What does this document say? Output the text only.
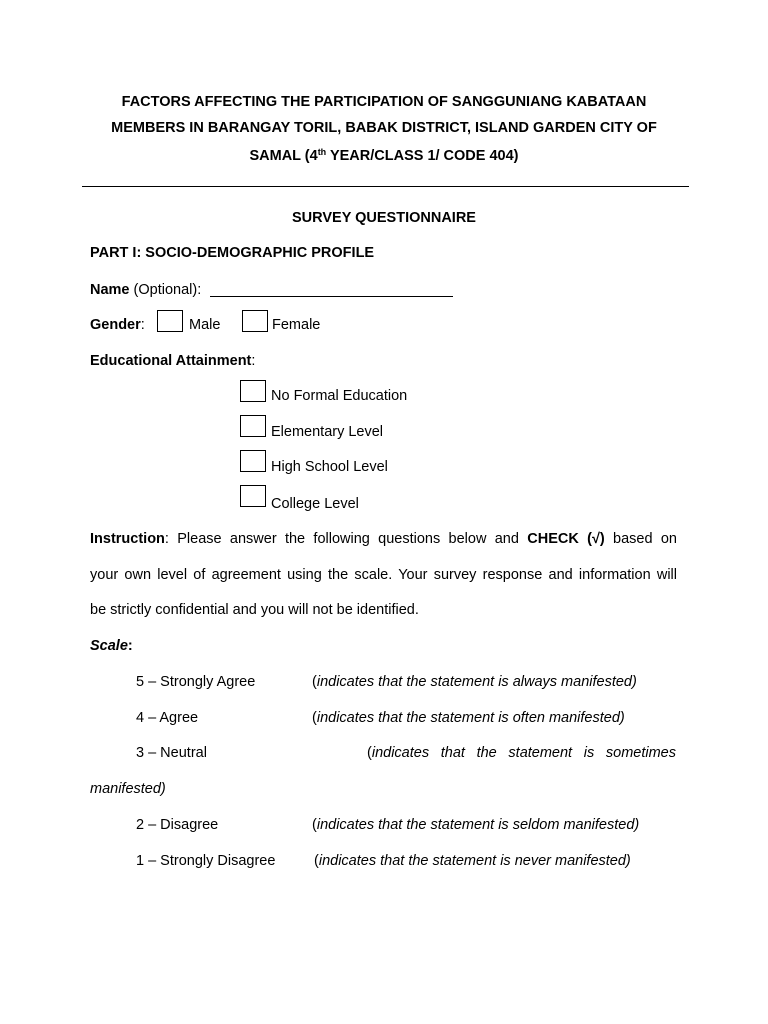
FACTORS AFFECTING THE PARTICIPATION OF SANGGUNIANG KABATAAN
MEMBERS IN BARANGAY TORIL, BABAK DISTRICT, ISLAND GARDEN CITY OF
SAMAL (4th YEAR/CLASS 1/ CODE 404)
SURVEY QUESTIONNAIRE
PART I: SOCIO-DEMOGRAPHIC PROFILE
Name (Optional):
Gender:	Male	Female
Educational Attainment:
No Formal Education
Elementary Level
High School Level
College Level
Instruction: Please answer the following questions below and CHECK (√) based on
your own level of agreement using the scale. Your survey response and information will
be strictly confidential and you will not be identified.
Scale:
5 – Strongly Agree	(indicates that the statement is always manifested)
4 – Agree	(indicates that the statement is often manifested)
3 – Neutral	(indicates that the statement is sometimes
manifested)
2 – Disagree	(indicates that the statement is seldom manifested)
1 – Strongly Disagree	(indicates that the statement is never manifested)
